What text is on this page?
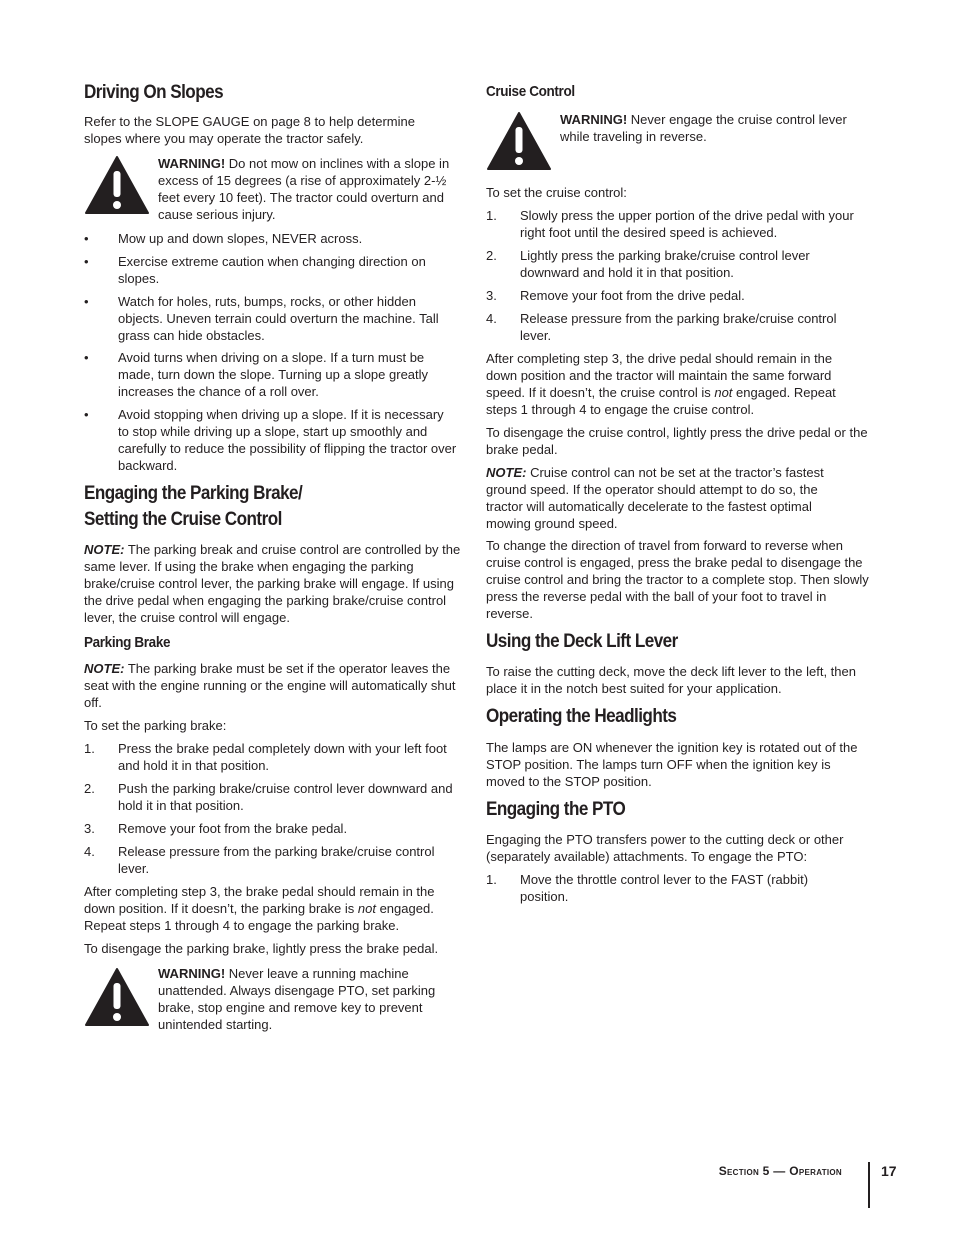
Driving On Slopes

Refer to the SLOPE GAUGE on page 8 to help determine slopes where you may operate the tractor safely.

WARNING! Do not mow on inclines with a slope in excess of 15 degrees (a rise of approximately 2-½ feet every 10 feet). The tractor could overturn and cause serious injury.
• Mow up and down slopes, NEVER across.
• Exercise extreme caution when changing direction on slopes.
• Watch for holes, ruts, bumps, rocks, or other hidden objects. Uneven terrain could overturn the machine. Tall grass can hide obstacles.
• Avoid turns when driving on a slope. If a turn must be made, turn down the slope. Turning up a slope greatly increases the chance of a roll over.
• Avoid stopping when driving up a slope. If it is necessary to stop while driving up a slope, start up smoothly and carefully to reduce the possibility of flipping the tractor over backward.
Engaging the Parking Brake/
Setting the Cruise Control

NOTE: The parking break and cruise control are controlled by the same lever. If using the brake when engaging the parking brake/cruise control lever, the parking brake will engage. If using the drive pedal when engaging the parking brake/cruise control lever, the cruise control will engage.

Parking Brake

NOTE: The parking brake must be set if the operator leaves the seat with the engine running or the engine will automatically shut off.

To set the parking brake:

1. Press the brake pedal completely down with your left foot and hold it in that position.
2. Push the parking brake/cruise control lever downward and hold it in that position.
3. Remove your foot from the brake pedal.
4. Release pressure from the parking brake/cruise control lever.

After completing step 3, the brake pedal should remain in the down position. If it doesn’t, the parking brake is not engaged. Repeat steps 1 through 4 to engage the parking brake.

To disengage the parking brake, lightly press the brake pedal.

WARNING! Never leave a running machine unattended. Always disengage PTO, set parking brake, stop engine and remove key to prevent unintended starting.
Cruise Control
WARNING! Never engage the cruise control lever while traveling in reverse.

To set the cruise control:

1. Slowly press the upper portion of the drive pedal with your right foot until the desired speed is achieved.
2. Lightly press the parking brake/cruise control lever downward and hold it in that position.
3. Remove your foot from the drive pedal.
4. Release pressure from the parking brake/cruise control lever.

After completing step 3, the drive pedal should remain in the down position and the tractor will maintain the same forward speed. If it doesn’t, the cruise control is not engaged. Repeat steps 1 through 4 to engage the cruise control.

To disengage the cruise control, lightly press the drive pedal or the brake pedal.

NOTE: Cruise control can not be set at the tractor’s fastest ground speed. If the operator should attempt to do so, the tractor will automatically decelerate to the fastest optimal mowing ground speed.

To change the direction of travel from forward to reverse when cruise control is engaged, press the brake pedal to disengage the cruise control and bring the tractor to a complete stop. Then slowly press the reverse pedal with the ball of your foot to travel in reverse.

Using the Deck Lift Lever

To raise the cutting deck, move the deck lift lever to the left, then place it in the notch best suited for your application.

Operating the Headlights

The lamps are ON whenever the ignition key is rotated out of the STOP position. The lamps turn OFF when the ignition key is moved to the STOP position.

Engaging the PTO

Engaging the PTO transfers power to the cutting deck or other (separately available) attachments. To engage the PTO:

1. Move the throttle control lever to the FAST (rabbit) position.
Section 5 — Operation	17
